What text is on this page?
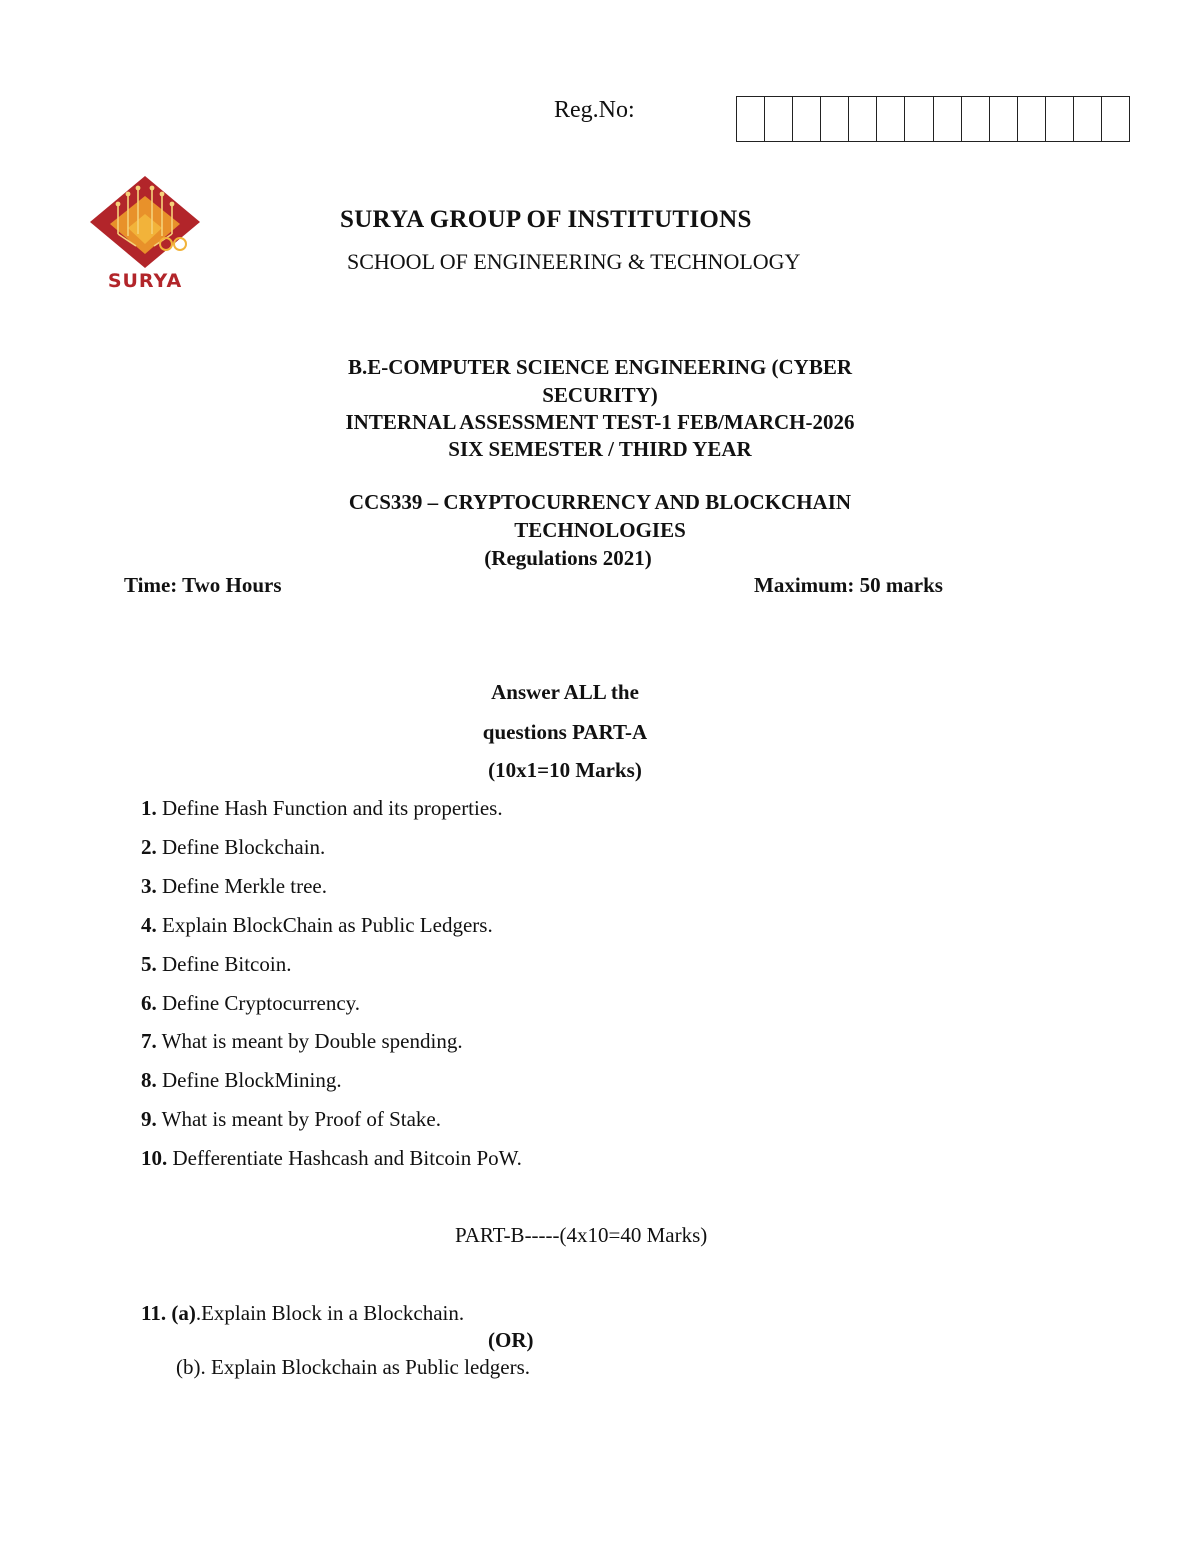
Reg.No:
SURYA
SURYA GROUP OF INSTITUTIONS
SCHOOL OF ENGINEERING & TECHNOLOGY
B.E-COMPUTER SCIENCE ENGINEERING (CYBER
SECURITY)
INTERNAL ASSESSMENT TEST-1 FEB/MARCH-2026
SIX SEMESTER / THIRD YEAR
CCS339 – CRYPTOCURRENCY AND BLOCKCHAIN
TECHNOLOGIES
(Regulations 2021)
Time: Two Hours	Maximum: 50 marks
Answer ALL the
questions PART-A
(10x1=10 Marks)
1. Define Hash Function and its properties.
2. Define Blockchain.
3. Define Merkle tree.
4. Explain BlockChain as Public Ledgers.
5. Define Bitcoin.
6. Define Cryptocurrency.
7. What is meant by Double spending.
8. Define BlockMining.
9. What is meant by Proof of Stake.
10. Defferentiate Hashcash and Bitcoin PoW.
PART-B-----(4x10=40 Marks)
11. (a).Explain Block in a Blockchain.
(OR)
(b). Explain Blockchain as Public ledgers.
